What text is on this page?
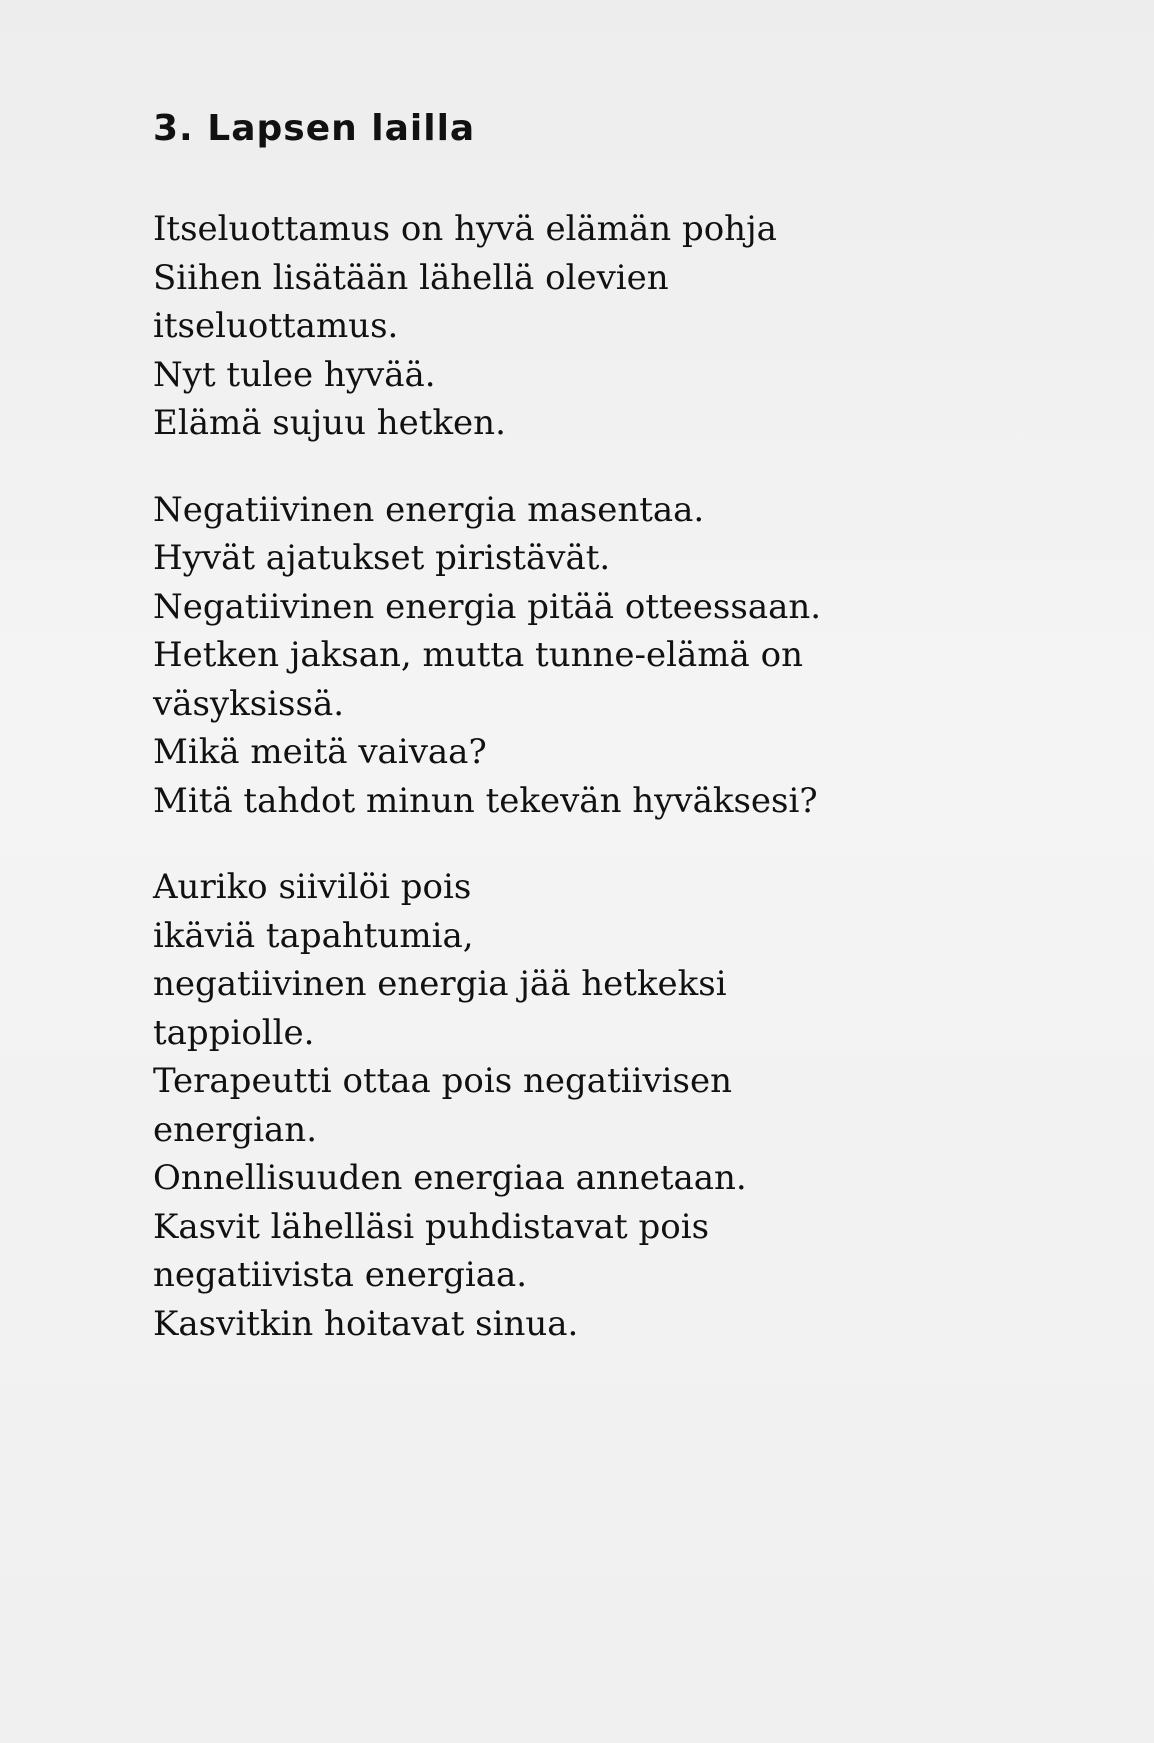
3. Lapsen lailla
Itseluottamus on hyvä elämän pohja
Siihen lisätään lähellä olevien
itseluottamus.
Nyt tulee hyvää.
Elämä sujuu hetken.
Negatiivinen energia masentaa.
Hyvät ajatukset piristävät.
Negatiivinen energia pitää otteessaan.
Hetken jaksan, mutta tunne-elämä on
väsyksissä.
Mikä meitä vaivaa?
Mitä tahdot minun tekevän hyväksesi?
Auriko siivilöi pois
ikäviä tapahtumia,
negatiivinen energia jää hetkeksi
tappiolle.
Terapeutti ottaa pois negatiivisen
energian.
Onnellisuuden energiaa annetaan.
Kasvit lähelläsi puhdistavat pois
negatiivista energiaa.
Kasvitkin hoitavat sinua.
